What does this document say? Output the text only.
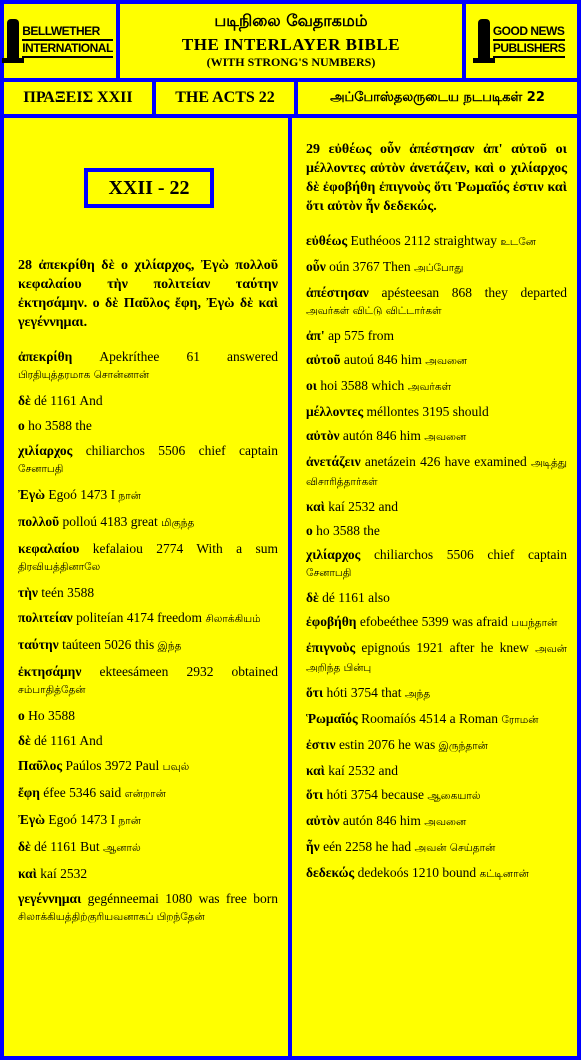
BELLWETHER
INTERNATIONAL
படிநிலை வேதாகமம்
THE INTERLAYER BIBLE
(WITH STRONG'S NUMBERS)
GOOD NEWS
PUBLISHERS
ΠΡΑΞΕΙΣ XXII	THE ACTS 22	அப்போஸ்தலருடைய நடபடிகள் 22
XXII - 22
28 ἀπεκρίθη δὲ ο χιλίαρχος, Ἐγὼ πολλοῦ κεφαλαίου τὴν πολιτείαν ταύτην ἐκτησάμην. ο δὲ Παῦλος ἔφη, Ἐγὼ δὲ καὶ γεγέννημαι.
ἀπεκρίθη Apekríthee 61 answered பிரதியுத்தரமாக சொன்னான்
δὲ dé 1161 And
ο ho 3588 the
χιλίαρχος chiliarchos 5506 chief captain சேனாபதி
Ἐγὼ Egoó 1473 I நான்
πολλοῦ polloú 4183 great மிகுந்த
κεφαλαίου kefalaiou 2774 With a sum திரவியத்தினாலே
τὴν teén 3588
πολιτείαν politeían 4174 freedom சிலாக்கியம்
ταύτην taúteen 5026 this இந்த
ἐκτησάμην ekteesámeen 2932 obtained சம்பாதித்தேன்
ο Ho 3588
δὲ dé 1161 And
Παῦλος Paúlos 3972 Paul பவுல்
ἔφη éfee 5346 said என்றான்
Ἐγὼ Egoó 1473 I நான்
δὲ dé 1161 But ஆனால்
καὶ kaí 2532
γεγέννημαι gegénneemai 1080 was free born சிலாக்கியத்திற்குரியவனாகப் பிறந்தேன்
29 εὐθέως οὖν ἀπέστησαν ἀπ' αὐτοῦ οι μέλλοντες αὐτὸν ἀνετάζειν, καὶ ο χιλίαρχος δὲ ἐφοβήθη ἐπιγνοὺς ὅτι Ῥωμαῖός ἐστιν καὶ ὅτι αὐτὸν ἦν δεδεκώς.
εὐθέως Euthéoos 2112 straightway உடனே
οὖν oún 3767 Then அப்போது
ἀπέστησαν apésteesan 868 they departed அவர்கள் விட்டு விட்டார்கள்
ἀπ' ap 575 from
αὐτοῦ autoú 846 him அவனை
οι hoi 3588 which அவர்கள்
μέλλοντες méllontes 3195 should
αὐτὸν autón 846 him அவனை
ἀνετάζειν anetázein 426 have examined அடித்து விசாரித்தார்கள்
καὶ kaí 2532 and
ο ho 3588 the
χιλίαρχος chiliarchos 5506 chief captain சேனாபதி
δὲ dé 1161 also
ἐφοβήθη efobeéthee 5399 was afraid பயந்தான்
ἐπιγνοὺς epignoús 1921 after he knew அவன் அறிந்த பின்பு
ὅτι hóti 3754 that அந்த
Ῥωμαῖός Roomaíós 4514 a Roman ரோமன்
ἐστιν estin 2076 he was இருந்தான்
καὶ kaí 2532 and
ὅτι hóti 3754 because ஆகையால்
αὐτὸν autón 846 him அவனை
ἦν eén 2258 he had அவன் செய்தான்
δεδεκώς dedekoós 1210 bound கட்டினான்
